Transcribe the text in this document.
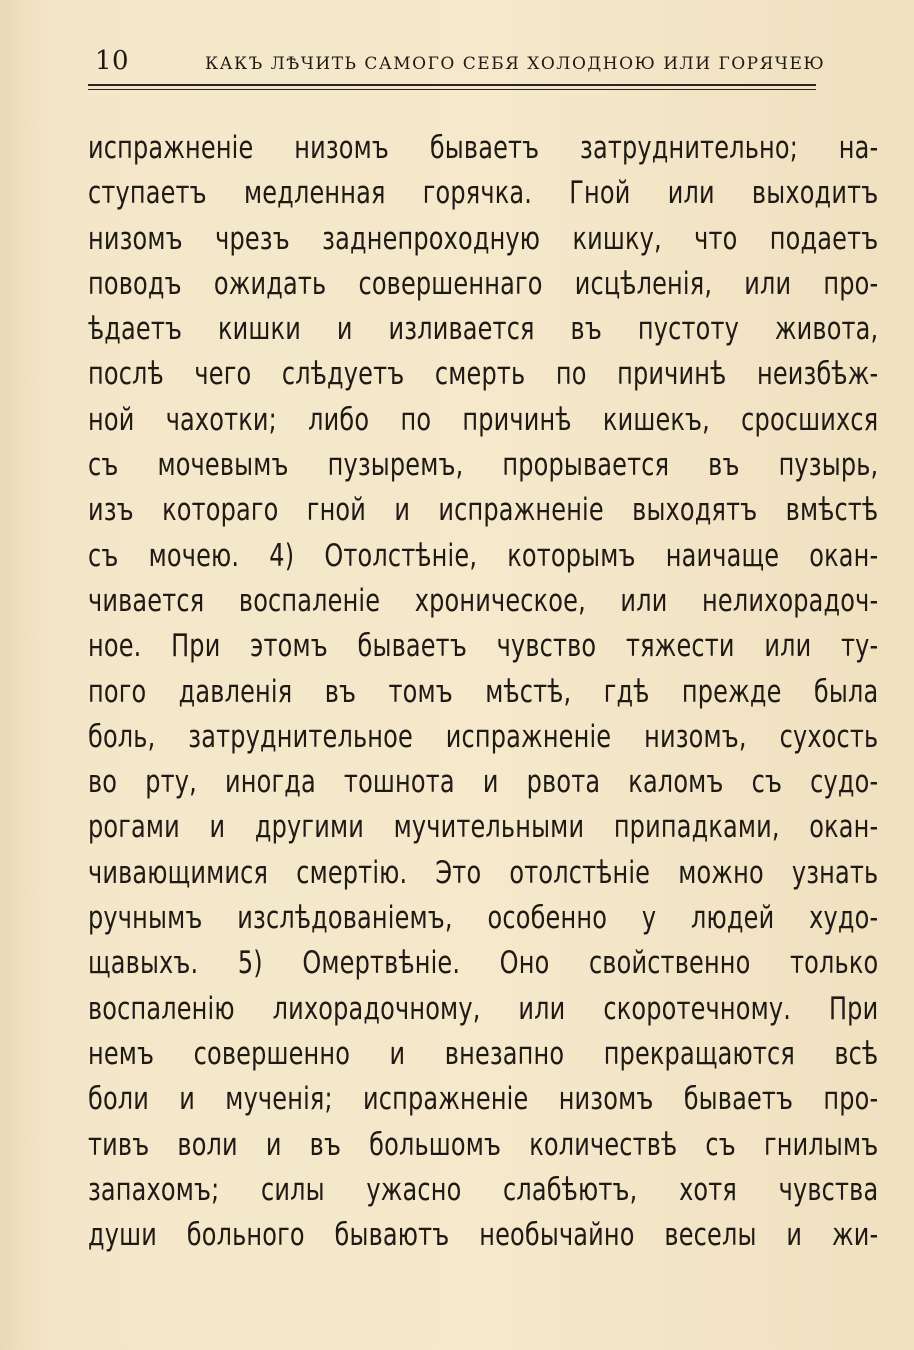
10	КАКЪ ЛѢЧИТЬ САМОГО СЕБЯ ХОЛОДНОЮ ИЛИ ГОРЯЧЕЮ
испражненіе низомъ бываетъ затруднительно; на-
ступаетъ медленная горячка. Гной или выходитъ
низомъ чрезъ заднепроходную кишку, что подаетъ
поводъ ожидать совершеннаго исцѣленія, или про-
ѣдаетъ кишки и изливается въ пустоту живота,
послѣ чего слѣдуетъ смерть по причинѣ неизбѣж-
ной чахотки; либо по причинѣ кишекъ, сросшихся
съ мочевымъ пузыремъ, прорывается въ пузырь,
изъ котораго гной и испражненіе выходятъ вмѣстѣ
съ мочею. 4) Отолстѣніе, которымъ наичаще окан-
чивается воспаленіе хроническое, или нелихорадоч-
ное. При этомъ бываетъ чувство тяжести или ту-
пого давленія въ томъ мѣстѣ, гдѣ прежде была
боль, затруднительное испражненіе низомъ, сухость
во рту, иногда тошнота и рвота каломъ съ судо-
рогами и другими мучительными припадками, окан-
чивающимися смертію. Это отолстѣніе можно узнать
ручнымъ изслѣдованіемъ, особенно у людей худо-
щавыхъ. 5) Омертвѣніе. Оно свойственно только
воспаленію лихорадочному, или скоротечному. При
немъ совершенно и внезапно прекращаются всѣ
боли и мученія; испражненіе низомъ бываетъ про-
тивъ воли и въ большомъ количествѣ съ гнилымъ
запахомъ; силы ужасно слабѣютъ, хотя чувства
души больного бываютъ необычайно веселы и жи-
